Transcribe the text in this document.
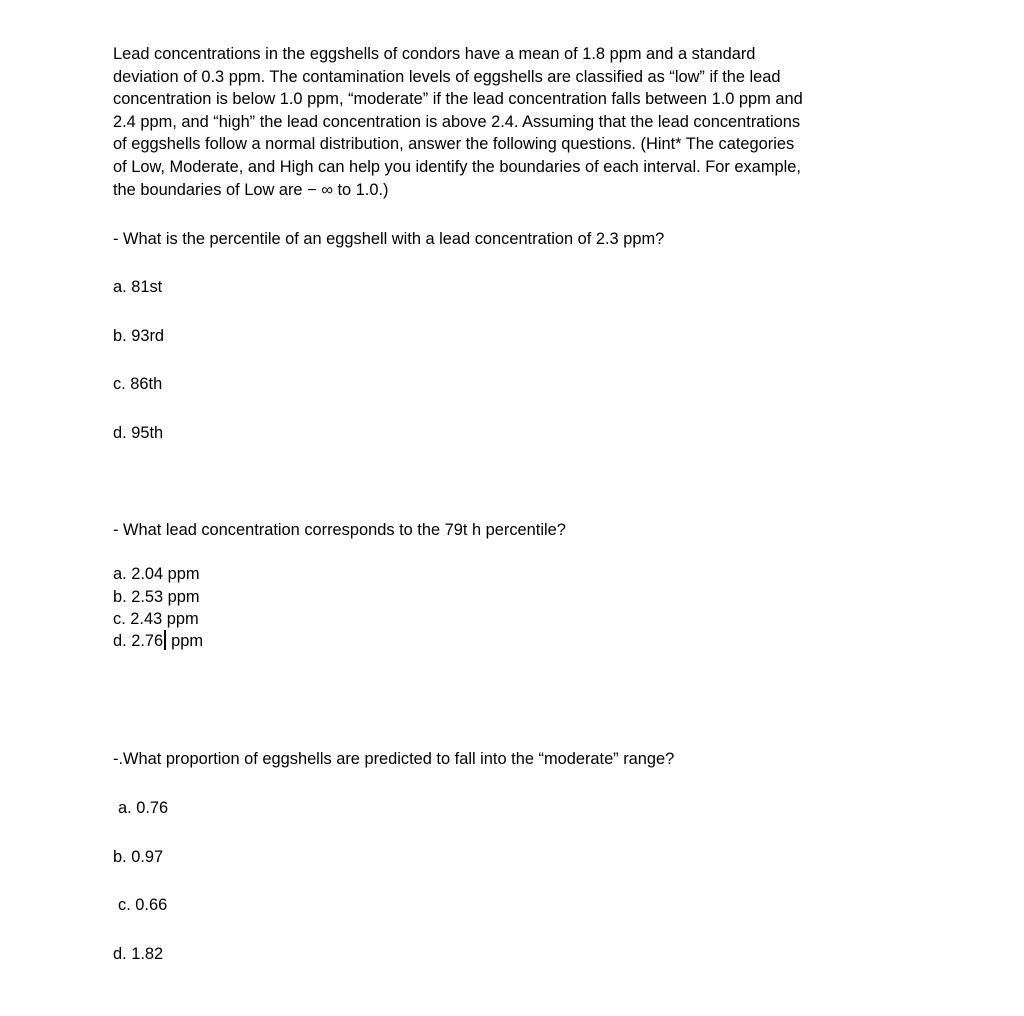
Lead concentrations in the eggshells of condors have a mean of 1.8 ppm and a standard
deviation of 0.3 ppm. The contamination levels of eggshells are classified as “low” if the lead
concentration is below 1.0 ppm, “moderate” if the lead concentration falls between 1.0 ppm and
2.4 ppm, and “high” the lead concentration is above 2.4. Assuming that the lead concentrations
of eggshells follow a normal distribution, answer the following questions. (Hint* The categories
of Low, Moderate, and High can help you identify the boundaries of each interval. For example,
the boundaries of Low are − ∞ to 1.0.)

- What is the percentile of an eggshell with a lead concentration of 2.3 ppm?

a. 81st

b. 93rd

c. 86th

d. 95th

- What lead concentration corresponds to the 79t h percentile?

a. 2.04 ppm

b. 2.53 ppm

c. 2.43 ppm

d. 2.76 ppm

-.What proportion of eggshells are predicted to fall into the “moderate” range?

a. 0.76

b. 0.97

c. 0.66

d. 1.82
